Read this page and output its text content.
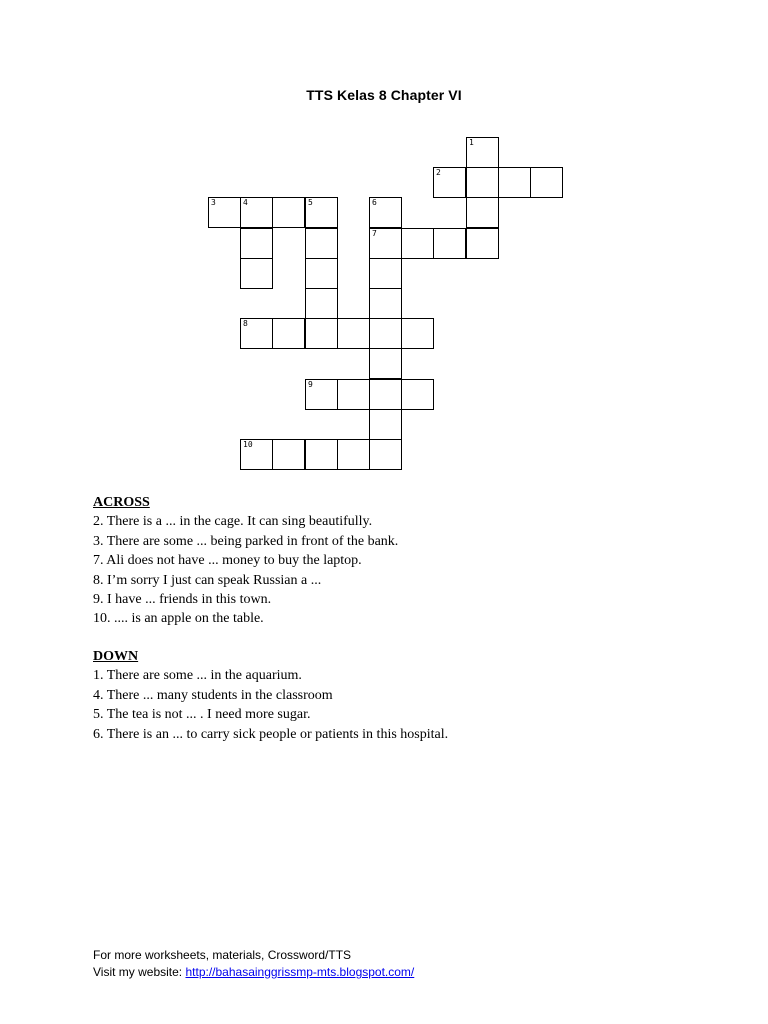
TTS Kelas 8 Chapter VI
1
2
3	4	5	6
7
8
9
10
ACROSS
2. There is a ... in the cage. It can sing beautifully.
3. There are some ... being parked in front of the bank.
7. Ali does not have ... money to buy the laptop.
8. I’m sorry I just can speak Russian a ...
9. I have ... friends in this town.
10. .... is an apple on the table.
DOWN
1. There are some ... in the aquarium.
4. There ... many students in the classroom
5. The tea is not ... . I need more sugar.
6. There is an ... to carry sick people or patients in this hospital.
For more worksheets, materials, Crossword/TTS
Visit my website: http://bahasainggrissmp-mts.blogspot.com/
